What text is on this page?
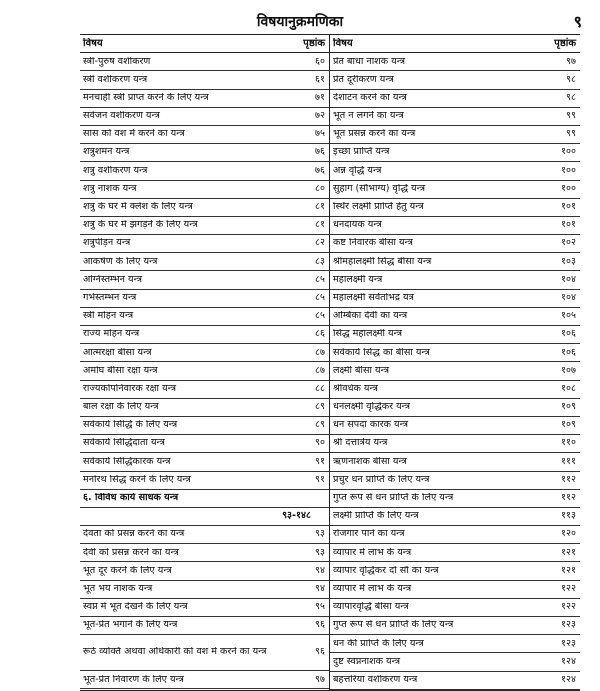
विषयानुक्रमणिका	९
विषय	पृष्ठांक
स्त्री-पुरुष वशीकरण	६०
स्त्री वशीकरण यन्त्र	६१
मनचाही स्त्री प्राप्त करने के लिए यन्त्र	७१
सर्वजन वशीकरण यन्त्र	७२
सास को वश में करने का यन्त्र	७५
शत्रुशमन यन्त्र	७६
शत्रु वशीकरण यन्त्र	७६
शत्रु नाशक यन्त्र	८०
शत्रु के घर में क्लेश के लिए यन्त्र	८१
शत्रु के घर मे झगड़ने के लिए यन्त्र	८१
शत्रुपीड़न यन्त्र	८२
आकर्षण के लिए यन्त्र	८३
अग्निस्तम्भन यन्त्र	८५
गर्भस्तम्भन यन्त्र	८५
स्त्री मोहन यन्त्र	८५
राज्य मोहन यन्त्र	८६
आत्मरक्षा बीसा यन्त्र	८७
अमोघ बीसा रक्षा यन्त्र	८७
राज्यकोपनिवारक रक्षा यन्त्र	८८
बाल रक्षा के लिए यन्त्र	८९
सर्वकार्य सिद्धि के लिए यन्त्र	८९
सर्वकार्य सिद्धिदाता यन्त्र	९०
सर्वकार्य सिद्धिकारक यन्त्र	९१
मनोरथ सिद्ध करने के लिए यन्त्र	९१
६. विविध कार्य साधक यन्त्र
९३-१४८
देवता को प्रसन्न करने का यन्त्र	९३
देवी को प्रसन्न करने का यन्त्र	९३
भूत दूर करने के लिए यन्त्र	९४
भूत भय नाशक यन्त्र	९४
स्वप्न में भूत देखने के लिए यन्त्र	९५
भूत-प्रेत भगाने के लिए यन्त्र	९६
रूठे व्यक्ति अथवा अधिकारी को वश में करने का यन्त्र	९६
भूत-प्रेत निवारण के लिए यन्त्र	९७
विषय	पृष्ठांक
प्रेत बाधा नाशक यन्त्र	९७
प्रेत दूरीकरण यन्त्र	९८
देशाटन करने का यन्त्र	९८
भूत न लगने का यन्त्र	९९
भूत प्रसन्न करने का यन्त्र	९९
इच्छा प्राप्ति यन्त्र	१००
अन्न वृद्धि यन्त्र	१००
सुहाग (सौभाग्य) वृद्धि यन्त्र	१००
स्थिर लक्ष्मी प्राप्ति हेतु यन्त्र	१०१
धनदायक यन्त्र	१०१
कष्ट निवारक बीसा यन्त्र	१०२
श्रीमहालक्ष्मी सिद्ध बीसा यन्त्र	१०३
महालक्ष्मी यन्त्र	१०४
महालक्ष्मी सर्वतोभद्र यंत्र	१०४
अम्बिका देवी का यन्त्र	१०५
सिद्ध महालक्ष्मी यन्त्र	१०६
सर्वकार्य सिद्ध का बीसा यन्त्र	१०६
लक्ष्मी बीसा यन्त्र	१०७
श्रीवर्धक यन्त्र	१०८
धनलक्ष्मी वृद्धिकर यन्त्र	१०९
धन संपदा कारक यन्त्र	१०९
श्री दत्तात्रेय यन्त्र	११०
ऋणनाशक बीसा यन्त्र	१११
प्रचुर धन प्राप्ति के लिए यन्त्र	११२
गुप्त रूप से धन प्राप्ति के लिए यन्त्र	११२
लक्ष्मी प्राप्ति के लिए यन्त्र	११३
रोजगार पाने का यन्त्र	१२०
व्यापार में लाभ के यन्त्र	१२१
व्यापार वृद्धिकर दो सौ का यन्त्र	१२१
व्यापार में लाभ के यन्त्र	१२२
व्यापारवृद्धि बीसा यन्त्र	१२२
गुप्त रूप से धन प्राप्ति के लिए यन्त्र	१२३
धन की प्राप्ति के लिए यन्त्र	१२३
दुष्ट स्वप्ननाशक यन्त्र	१२४
बहत्तरिया वशीकरण यन्त्र	१२४
